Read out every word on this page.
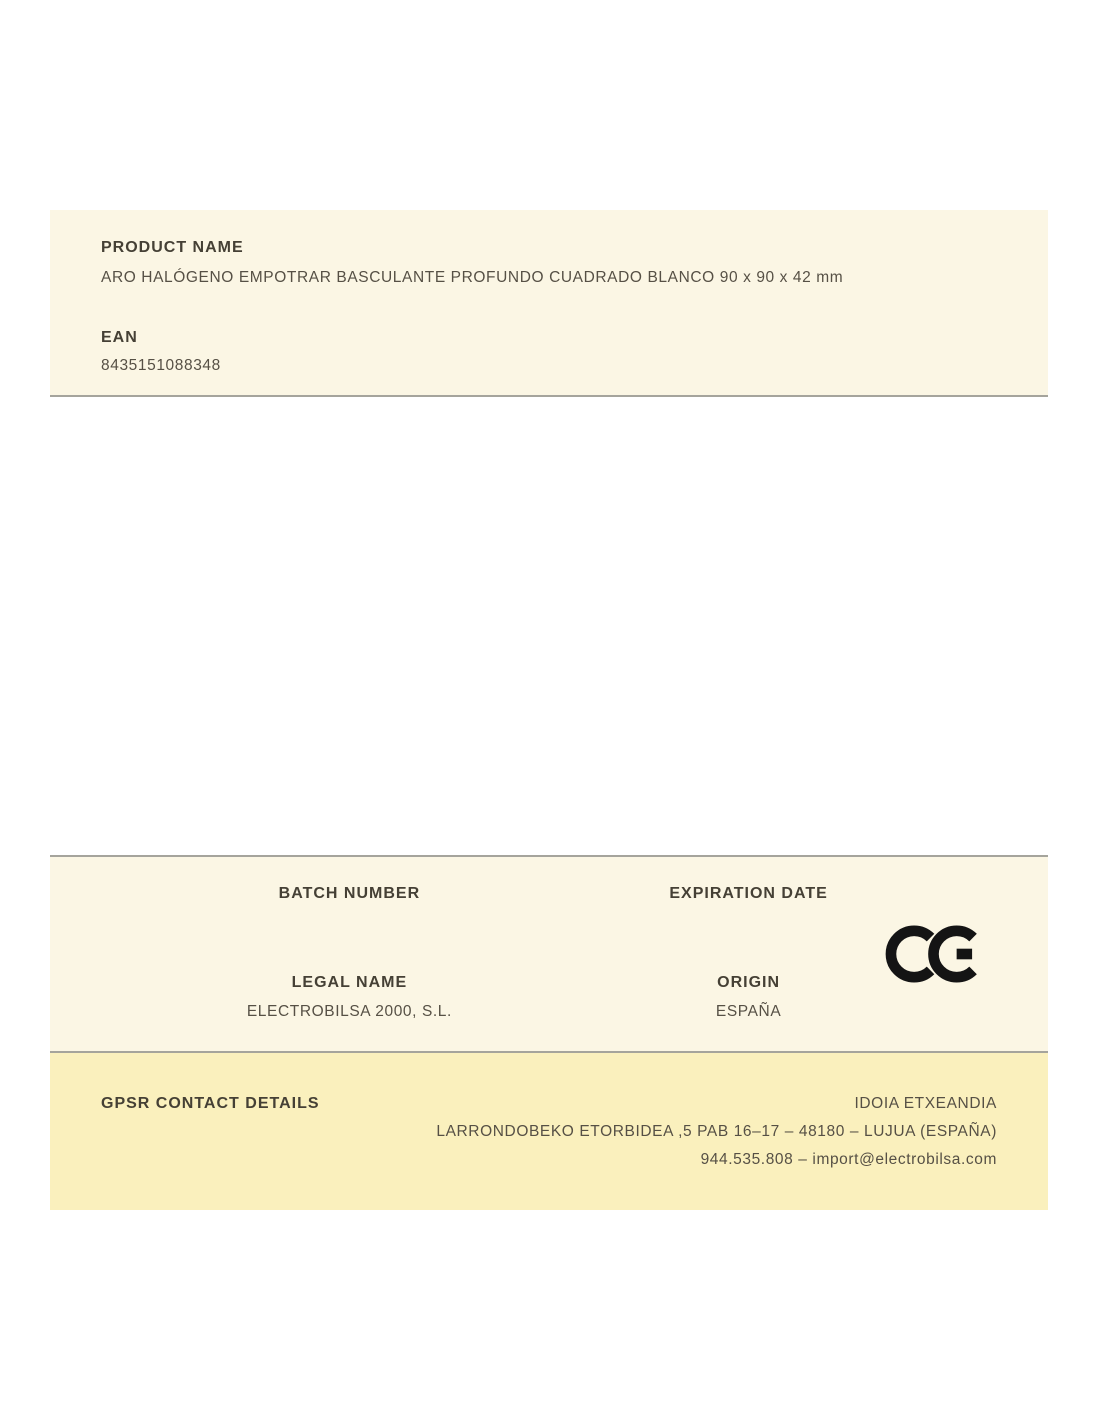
PRODUCT NAME
ARO HALÓGENO EMPOTRAR BASCULANTE PROFUNDO CUADRADO BLANCO 90 x 90 x 42 mm
EAN
8435151088348
BATCH NUMBER
LEGAL NAME
ELECTROBILSA 2000, S.L.
EXPIRATION DATE
ORIGIN
ESPAÑA
GPSR CONTACT DETAILS	IDOIA ETXEANDIA
LARRONDOBEKO ETORBIDEA ,5 PAB 16–17 – 48180 – LUJUA (ESPAÑA)
944.535.808 – import@electrobilsa.com
